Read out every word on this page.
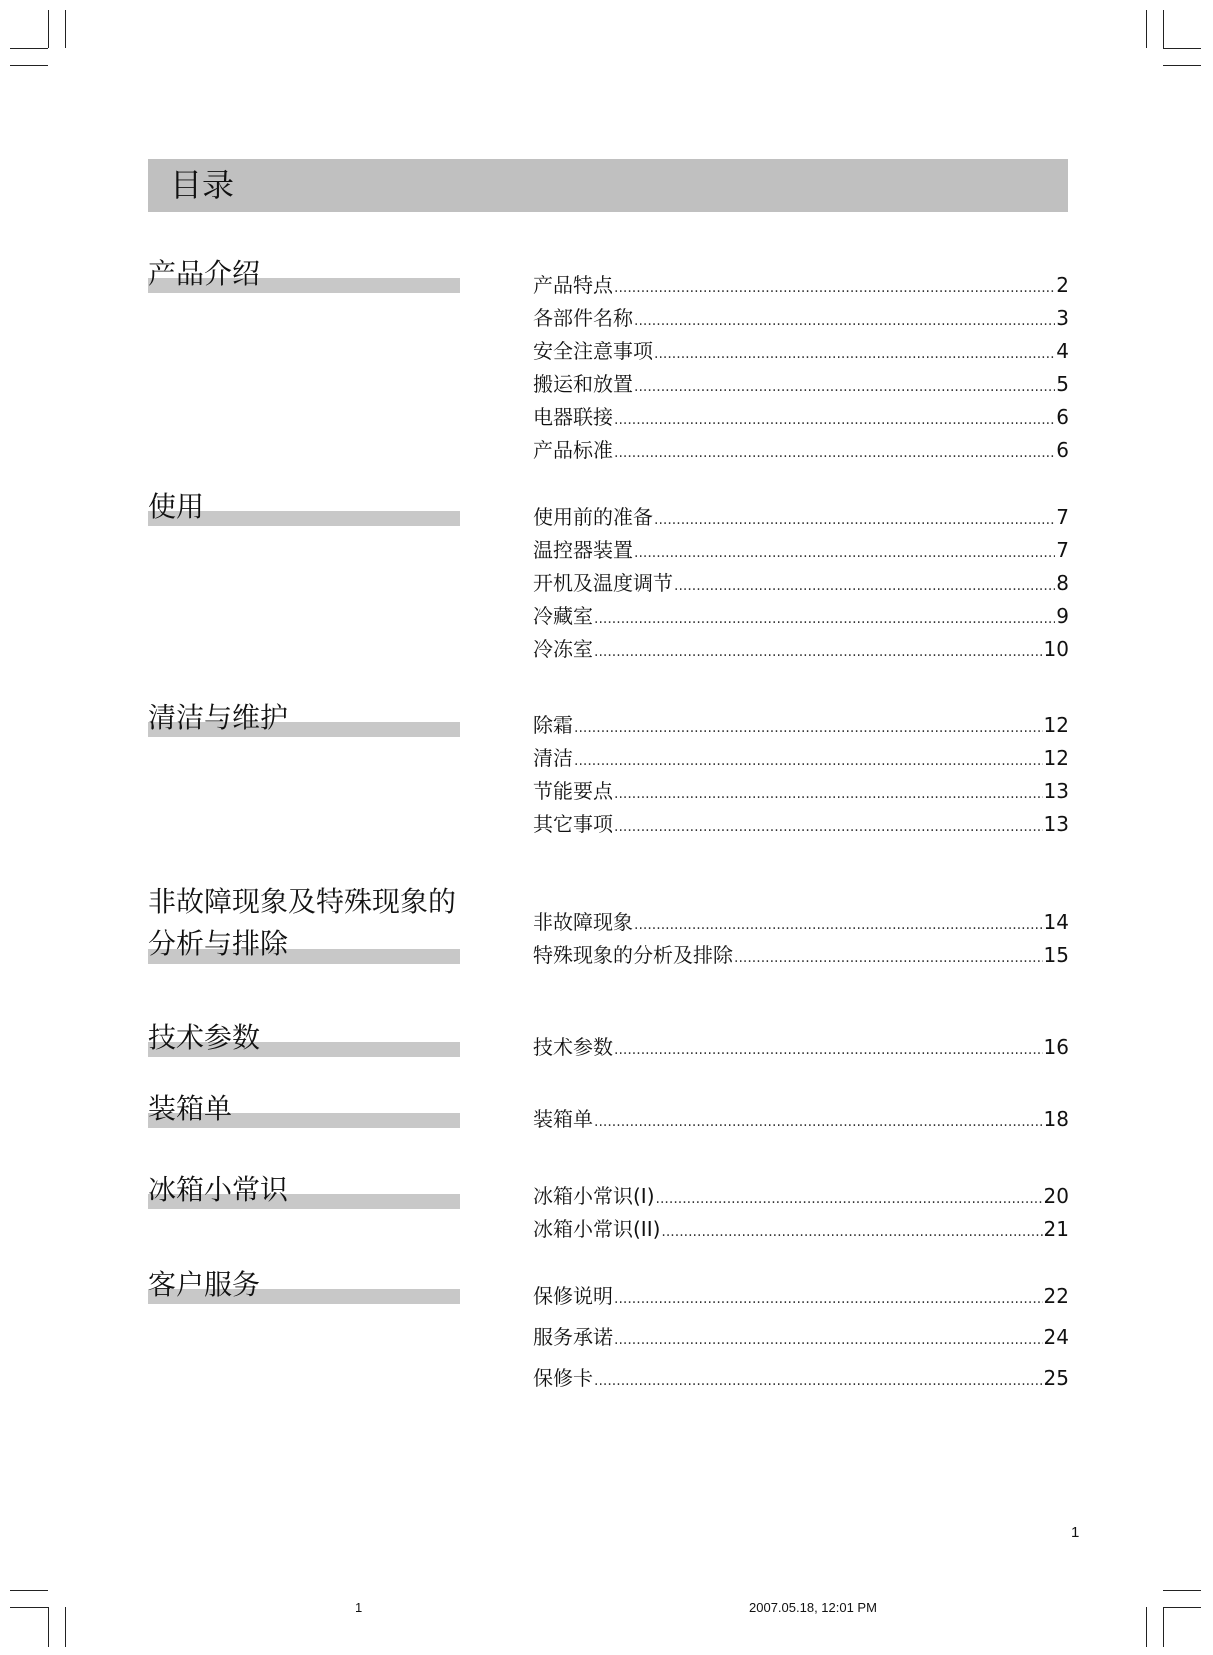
目录
产品介绍	产品特点 .....	2
各部件名称 .....	3
安全注意事项 .....	4
搬运和放置 .....	5
电器联接 .....	6
产品标准 .....	6
使用	使用前的准备 .....	7
温控器装置 .....	7
开机及温度调节 .....	8
冷藏室 .....	9
冷冻室 .....	10
清洁与维护	除霜 .....	12
清洁 .....	12
节能要点 .....	13
其它事项 .....	13
非故障现象及特殊现象的
分析与排除
非故障现象 .....	14
特殊现象的分析及排除 .....	15
技术参数	技术参数 .....	16
装箱单	装箱单 .....	18
冰箱小常识	冰箱小常识(I) .....	20
冰箱小常识(II) .....	21
客户服务	保修说明 .....	22
服务承诺 .....	24
保修卡 .....	25
1
1	2007.05.18, 12:01 PM
